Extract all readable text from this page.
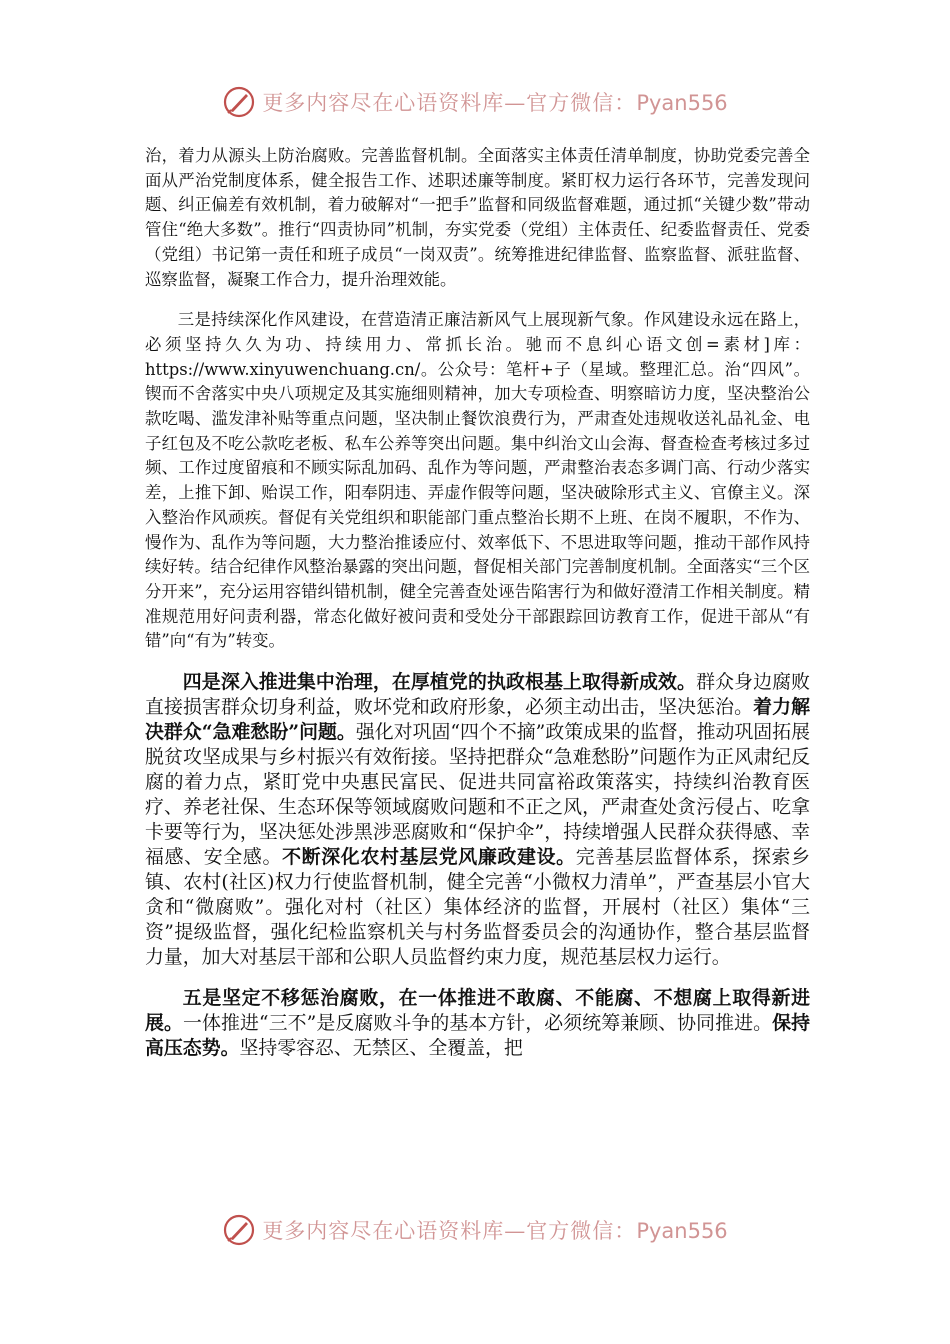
更多内容尽在心语资料库—官方微信：Pyan556

治，着力从源头上防治腐败。完善监督机制。全面落实主体责任清单制度，协助党委完善全面从严治党制度体系，健全报告工作、述职述廉等制度。紧盯权力运行各环节，完善发现问题、纠正偏差有效机制，着力破解对“一把手”监督和同级监督难题，通过抓“关键少数”带动管住“绝大多数”。推行“四责协同”机制，夯实党委（党组）主体责任、纪委监督责任、党委（党组）书记第一责任和班子成员“一岗双责”。统筹推进纪律监督、监察监督、派驻监督、巡察监督，凝聚工作合力，提升治理效能。

三是持续深化作风建设，在营造清正廉洁新风气上展现新气象。作风建设永远在路上，必须坚持久久为功、持续用力、常抓长治。驰而不息纠心语文创=素材]库：https://www.xinyuwenchuang.cn/。公众号：笔杆+子（星域。整理汇总。治“四风”。锲而不舍落实中央八项规定及其实施细则精神，加大专项检查、明察暗访力度，坚决整治公款吃喝、滥发津补贴等重点问题，坚决制止餐饮浪费行为，严肃查处违规收送礼品礼金、电子红包及不吃公款吃老板、私车公养等突出问题。集中纠治文山会海、督查检查考核过多过频、工作过度留痕和不顾实际乱加码、乱作为等问题，严肃整治表态多调门高、行动少落实差，上推下卸、贻误工作，阳奉阴违、弄虚作假等问题，坚决破除形式主义、官僚主义。深入整治作风顽疾。督促有关党组织和职能部门重点整治长期不上班、在岗不履职，不作为、慢作为、乱作为等问题，大力整治推诿应付、效率低下、不思进取等问题，推动干部作风持续好转。结合纪律作风整治暴露的突出问题，督促相关部门完善制度机制。全面落实“三个区分开来”，充分运用容错纠错机制，健全完善查处诬告陷害行为和做好澄清工作相关制度。精准规范用好问责利器，常态化做好被问责和受处分干部跟踪回访教育工作，促进干部从“有错”向“有为”转变。

四是深入推进集中治理，在厚植党的执政根基上取得新成效。群众身边腐败直接损害群众切身利益，败坏党和政府形象，必须主动出击，坚决惩治。着力解决群众“急难愁盼”问题。强化对巩固“四个不摘”政策成果的监督，推动巩固拓展脱贫攻坚成果与乡村振兴有效衔接。坚持把群众“急难愁盼”问题作为正风肃纪反腐的着力点，紧盯党中央惠民富民、促进共同富裕政策落实，持续纠治教育医疗、养老社保、生态环保等领域腐败问题和不正之风，严肃查处贪污侵占、吃拿卡要等行为，坚决惩处涉黑涉恶腐败和“保护伞”，持续增强人民群众获得感、幸福感、安全感。不断深化农村基层党风廉政建设。完善基层监督体系，探索乡镇、农村(社区)权力行使监督机制，健全完善“小微权力清单”，严查基层小官大贪和“微腐败”。强化对村（社区）集体经济的监督，开展村（社区）集体“三资”提级监督，强化纪检监察机关与村务监督委员会的沟通协作，整合基层监督力量，加大对基层干部和公职人员监督约束力度，规范基层权力运行。

五是坚定不移惩治腐败，在一体推进不敢腐、不能腐、不想腐上取得新进展。一体推进“三不”是反腐败斗争的基本方针，必须统筹兼顾、协同推进。保持高压态势。坚持零容忍、无禁区、全覆盖，把

更多内容尽在心语资料库—官方微信：Pyan556
